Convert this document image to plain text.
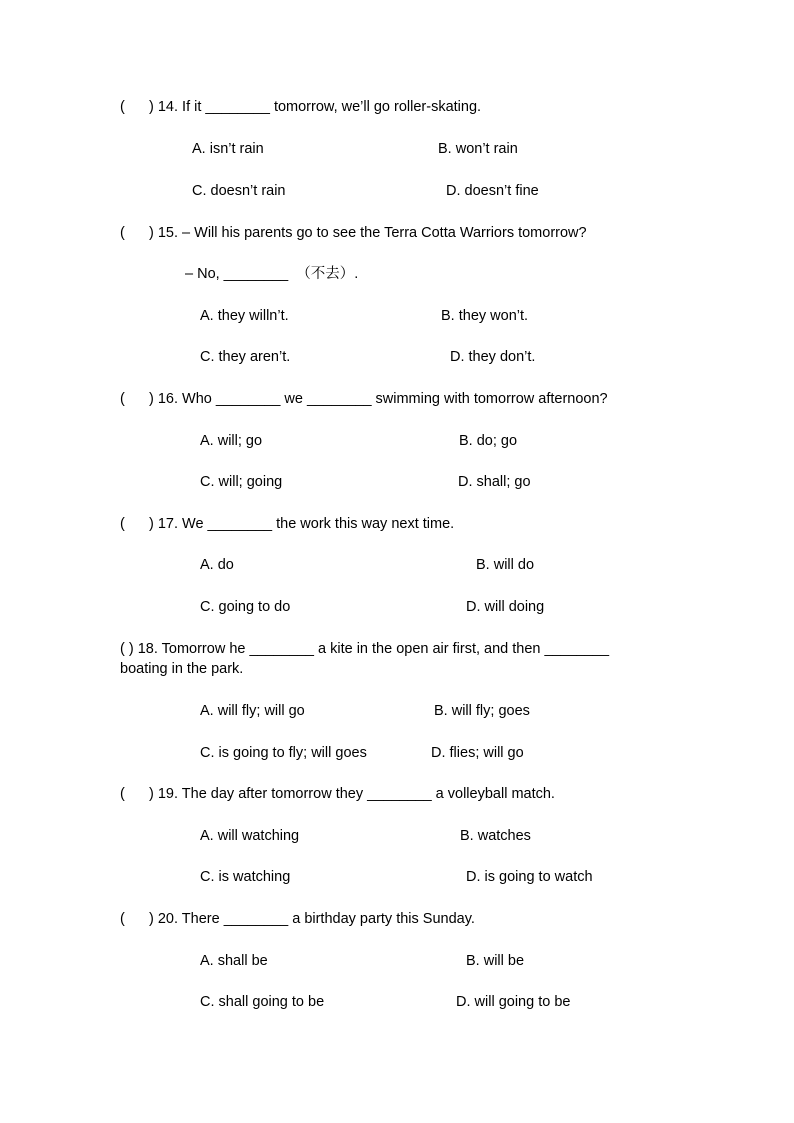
(      ) 14. If it ________ tomorrow, we’ll go roller-skating.
A. isn’t rain	B. won’t rain
C. doesn’t rain	D. doesn’t fine
(      ) 15. – Will his parents go to see the Terra Cotta Warriors tomorrow?
– No, ________  （不去）.
A. they willn’t.	B. they won’t.
C. they aren’t.	D. they don’t.
(      ) 16. Who ________ we ________ swimming with tomorrow afternoon?
A. will; go	B. do; go
C. will; going	D. shall; go
(      ) 17. We ________ the work this way next time.
A. do	B. will do
C. going to do	D. will doing
( ) 18. Tomorrow he ________ a kite in the open air first, and then ________ boating in the park.
A. will fly; will go	B. will fly; goes
C. is going to fly; will goes	D. flies; will go
(      ) 19. The day after tomorrow they ________ a volleyball match.
A. will watching	B. watches
C. is watching	D. is going to watch
(      ) 20. There ________ a birthday party this Sunday.
A. shall be	B. will be
C. shall going to be	D. will going to be
